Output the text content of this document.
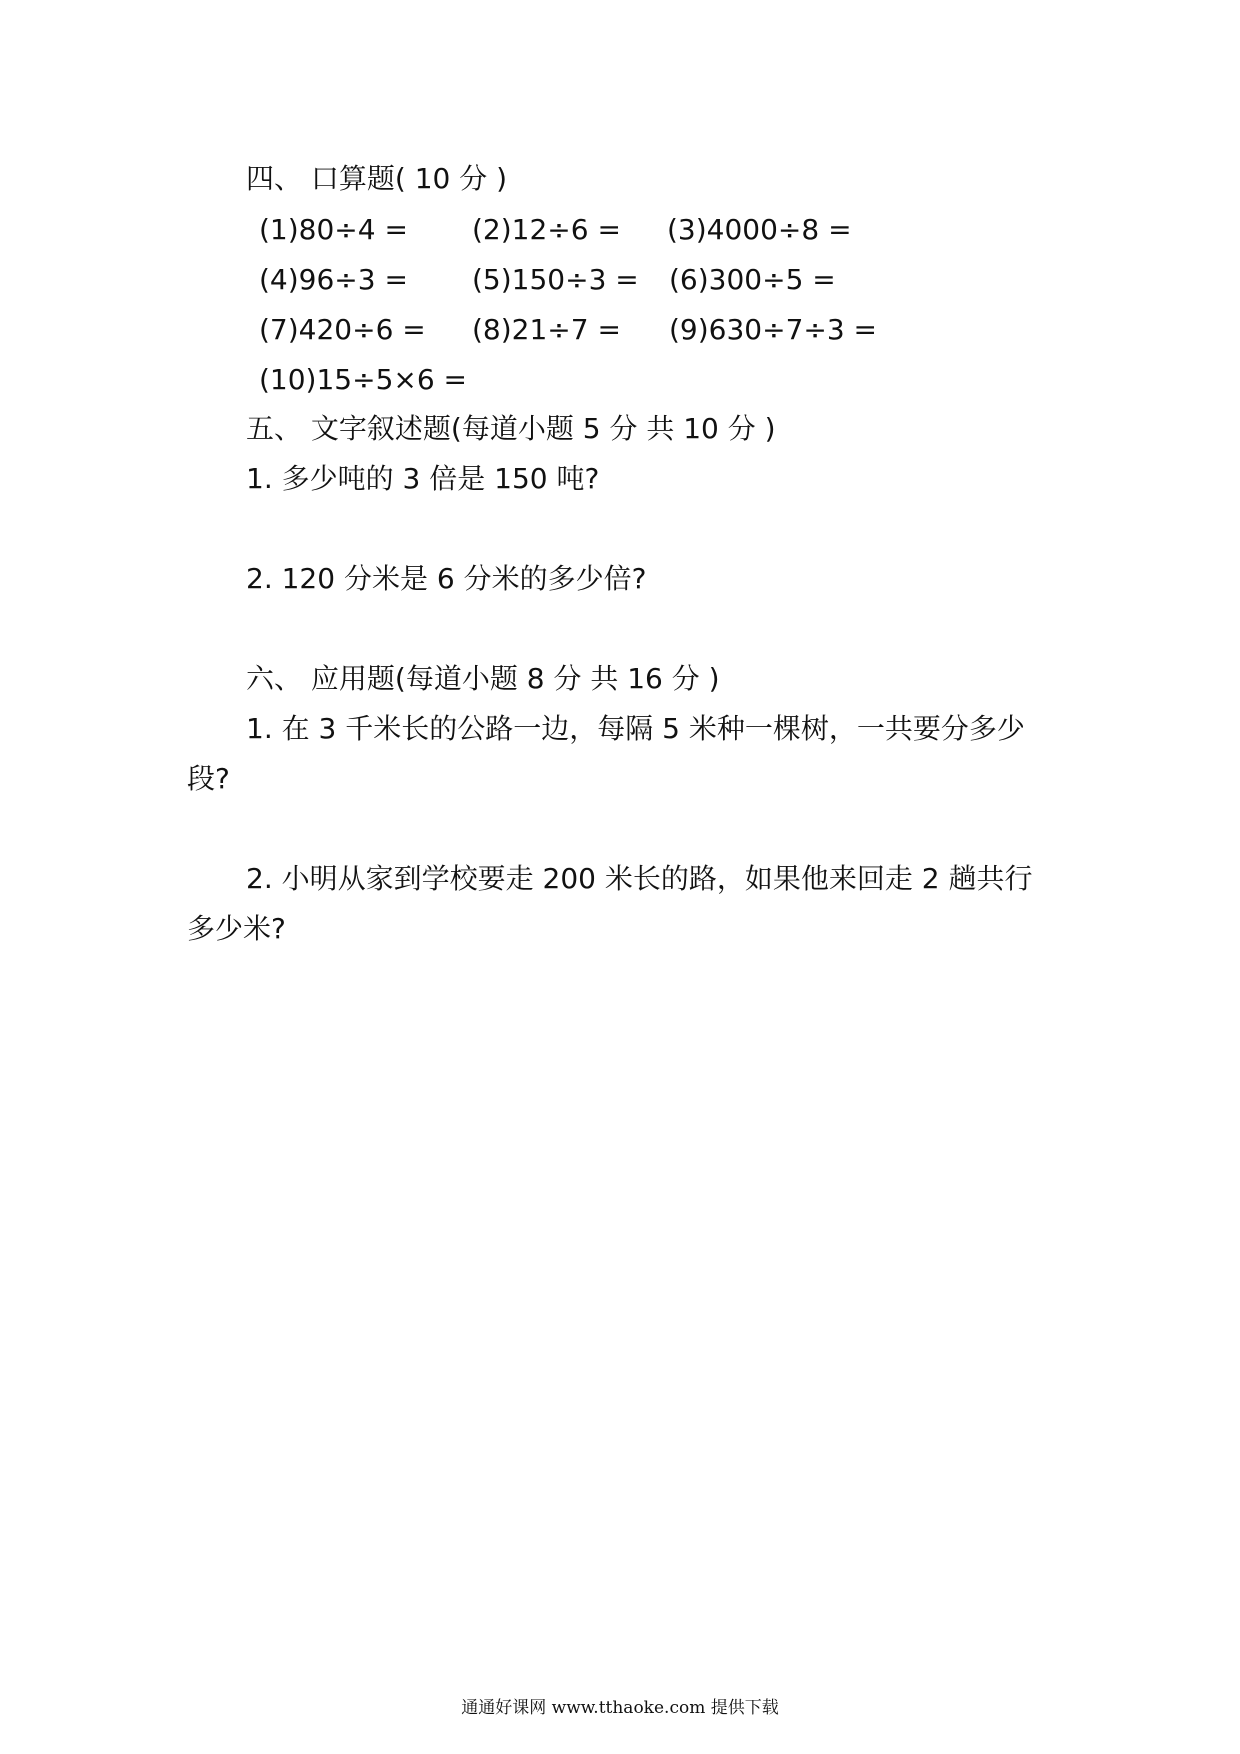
四、 口算题( 10 分 )
(1)80÷4 = (2)12÷6 = (3)4000÷8 =
(4)96÷3 = (5)150÷3 = (6)300÷5 =
(7)420÷6 = (8)21÷7 = (9)630÷7÷3 =
(10)15÷5×6 =
五、 文字叙述题(每道小题 5 分 共 10 分 )
1. 多少吨的 3 倍是 150 吨?
2. 120 分米是 6 分米的多少倍?
六、 应用题(每道小题 8 分 共 16 分 )
1. 在 3 千米长的公路一边，每隔 5 米种一棵树，一共要分多少
段?
2. 小明从家到学校要走 200 米长的路，如果他来回走 2 趟共行
多少米?
通通好课网 www.tthaoke.com 提供下载
